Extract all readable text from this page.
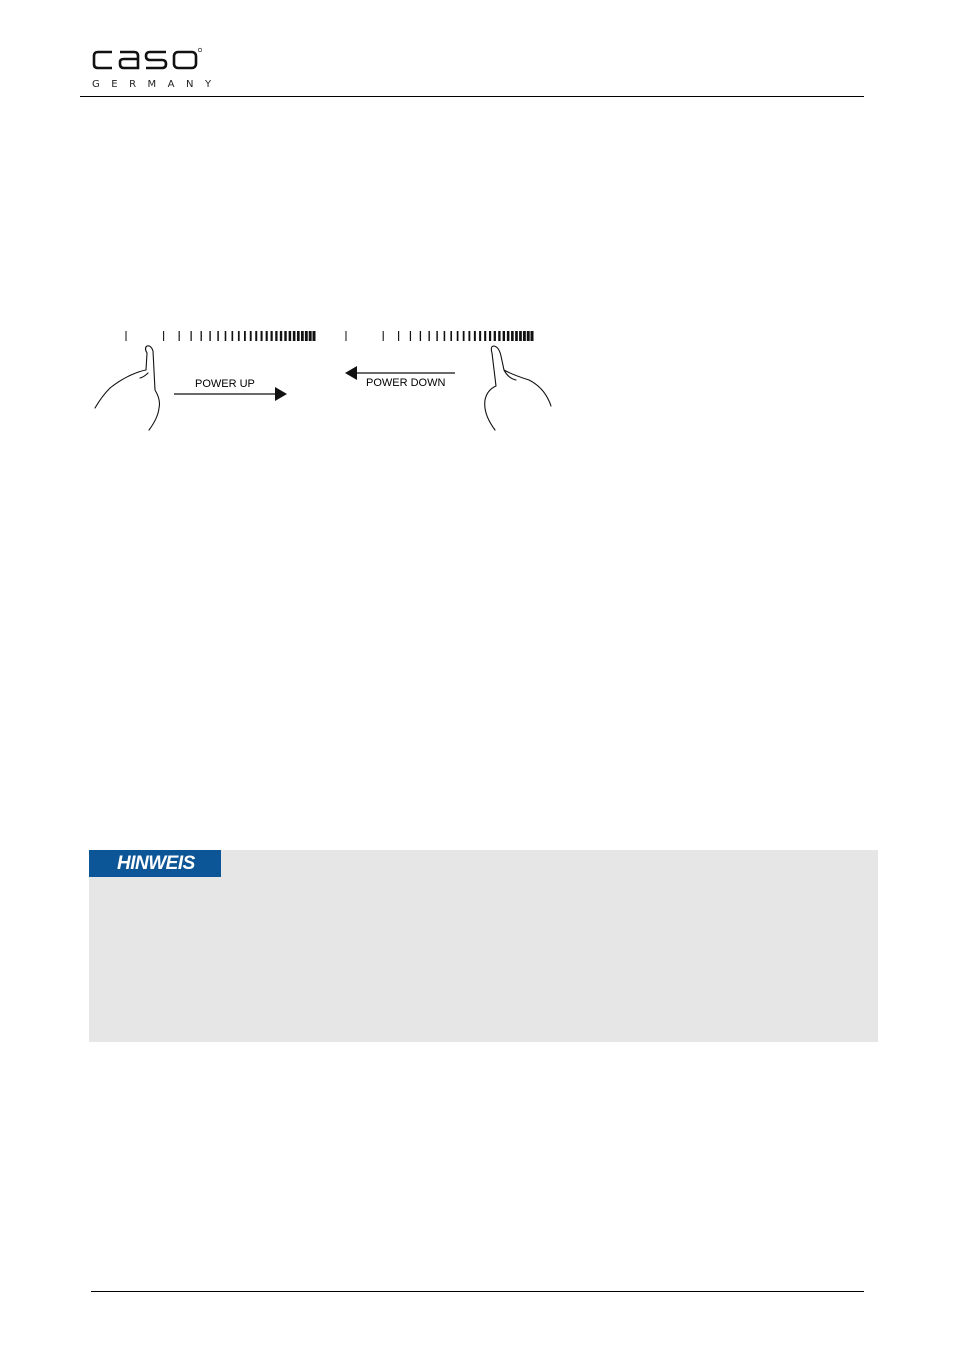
GERMANY
POWER UP	POWER DOWN
HINWEIS
